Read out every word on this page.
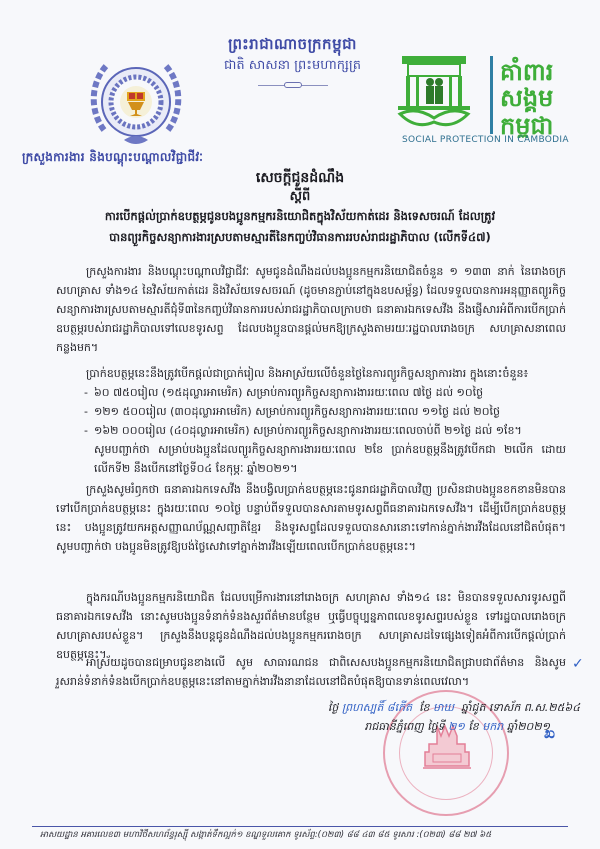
ព្រះរាជាណាចក្រកម្ពុជា
ជាតិ សាសនា ព្រះមហាក្សត្រ	គាំពារ
សង្គម
កម្ពុជា
SOCIAL PROTECTION IN CAMBODIA
ក្រសួងការងារ និងបណ្តុះបណ្តាលវិជ្ជាជីវៈ
សេចក្តីជូនដំណឹង
ស្តីពី
ការបើកផ្តល់ប្រាក់ឧបត្ថម្ភជូនបងប្អូនកម្មករនិយោជិតក្នុងវិស័យកាត់ដេរ និងទេសចរណ៍ ដែលត្រូវ
បានព្យួរកិច្ចសន្យាការងារស្របតាមស្មារតីនៃកញ្ចប់វិធានការរបស់រាជរដ្ឋាភិបាល (លើកទី៤៧)
ក្រសួងការងារ និងបណ្តុះបណ្តាលវិជ្ជាជីវៈ សូមជូនដំណឹងដល់បងប្អូនកម្មករនិយោជិតចំនួន ១ ១៣៣ នាក់ នៃរោងចក្រ សហគ្រាស ទាំង១៤ នៃវិស័យកាត់ដេរ និងវិស័យទេសចរណ៍ (ដូចមានភ្ជាប់នៅក្នុងឧបសម្ព័ន្ធ) ដែលទទួលបានការអនុញ្ញាតព្យួរកិច្ចសន្យាការងារស្របតាមស្មារតីជុំទី៣នៃកញ្ចប់វិធានការរបស់រាជរដ្ឋាភិបាលក្រាបថា ធនាគារឯកទេសវីង នឹងផ្ញើសារអំពីការបើកប្រាក់ឧបត្ថម្ភរបស់រាជរដ្ឋាភិបាលទៅលេខទូរសព្ទ ដែលបងប្អូនបានផ្តល់មកឱ្យក្រសួងតាមរយៈរដ្ឋបាលរោងចក្រ សហគ្រាសនាពេលកន្លងមក។
ប្រាក់ឧបត្ថម្ភនេះនឹងត្រូវបើកផ្តល់ជាប្រាក់រៀល និងអាស្រ័យលើចំនួនថ្ងៃនៃការព្យួរកិច្ចសន្យាការងារ ក្នុងនោះចំនួន៖
- ៦០ ៧៥០រៀល (១៥ដុល្លារអាមេរិក) សម្រាប់ការព្យួរកិច្ចសន្យាការងាររយៈពេល ៧ថ្ងៃ ដល់ ១០ថ្ងៃ
- ១២១ ៥០០រៀល (៣០ដុល្លារអាមេរិក) សម្រាប់ការព្យួរកិច្ចសន្យាការងាររយៈពេល ១១ថ្ងៃ ដល់ ២០ថ្ងៃ
- ១៦២ ០០០រៀល (៤០ដុល្លារអាមេរិក) សម្រាប់ការព្យួរកិច្ចសន្យាការងាររយៈពេលចាប់ពី ២១ថ្ងៃ ដល់ ១ខែ។
សូមបញ្ជាក់ថា សម្រាប់បងប្អូនដែលព្យួរកិច្ចសន្យាការងាររយៈពេល ២ខែ ប្រាក់ឧបត្ថម្ភនឹងត្រូវបើកជា ២លើក ដោយលើកទី២ នឹងបើកនៅថ្ងៃទី០៤ ខែកុម្ភៈ ឆ្នាំ២០២១។
ក្រសួងសូមរំឭកថា ធនាគារឯកទេសវីង នឹងបង្វិលប្រាក់ឧបត្ថម្ភនេះជូនរាជរដ្ឋាភិបាលវិញ ប្រសិនជាបងប្អូនខកខានមិនបានទៅបើកប្រាក់ឧបត្ថម្ភនេះ ក្នុងរយៈពេល ១០ថ្ងៃ បន្ទាប់ពីទទួលបានសារតាមទូរសព្ទពីធនាគារឯកទេសវីង។ ដើម្បីបើកប្រាក់ឧបត្ថម្ភនេះ បងប្អូនត្រូវយកអត្តសញ្ញាណប័ណ្ណសញ្ជាតិខ្មែរ និងទូរសព្ទដែលទទួលបានសារនោះទៅកាន់ភ្នាក់ងារវីងដែលនៅជិតបំផុត។ សូមបញ្ជាក់ថា បងប្អូនមិនត្រូវឱ្យបង់ថ្លៃសេវាទៅភ្នាក់ងារវីងឡើយពេលបើកប្រាក់ឧបត្ថម្ភនេះ។
ក្នុងករណីបងប្អូនកម្មករនិយោជិត ដែលបម្រើការងារនៅរោងចក្រ សហគ្រាស ទាំង១៤ នេះ មិនបានទទួលសារទូរសព្ទពីធនាគារឯកទេសវីង នោះសូមបងប្អូនទំនាក់ទំនងសួរព័ត៌មានបន្ថែម ឬធ្វើបច្ចុប្បន្នភាពលេខទូរសព្ទរបស់ខ្លួន ទៅរដ្ឋបាលរោងចក្រ សហគ្រាសរបស់ខ្លួន។ ក្រសួងនឹងបន្តជូនដំណឹងដល់បងប្អូនកម្មកររោងចក្រ សហគ្រាសដទៃផ្សេងទៀតអំពីការបើកផ្តល់ប្រាក់ឧបត្ថម្ភនេះ។
អាស្រ័យដូចបានជម្រាបជូនខាងលើ សូម សាធារណជន ជាពិសេសបងប្អូនកម្មករនិយោជិតជ្រាបជាព័ត៌មាន និងសូមរួសរាន់ទំនាក់ទំនងបើកប្រាក់ឧបត្ថម្ភនេះនៅតាមភ្នាក់ងារវីងនានាដែលនៅជិតបំផុតឱ្យបានទាន់ពេលវេលា។
✓
ថ្ងៃ ព្រហស្បតិ៍ ៨កើត ខែ មាឃ ឆ្នាំជូត ទោស័ក ព.ស.២៥៦៤
រាជធានីភ្នំពេញ ថ្ងៃទី ២១ ខែ មករា ឆ្នាំ២០២១
ಖ
អាសយដ្ឋាន អគារលេខ៣ មហាវិថីសហព័ន្ធរុស្ស៊ី សង្កាត់ទឹកល្អក់១ ខណ្ឌទួលគោក ទូរស័ព្ទ:(០២៣) ៨៨ ៤៣ ៨៥ ទូរសារ :(០២៣) ៨៨ ២៧ ៦៥
